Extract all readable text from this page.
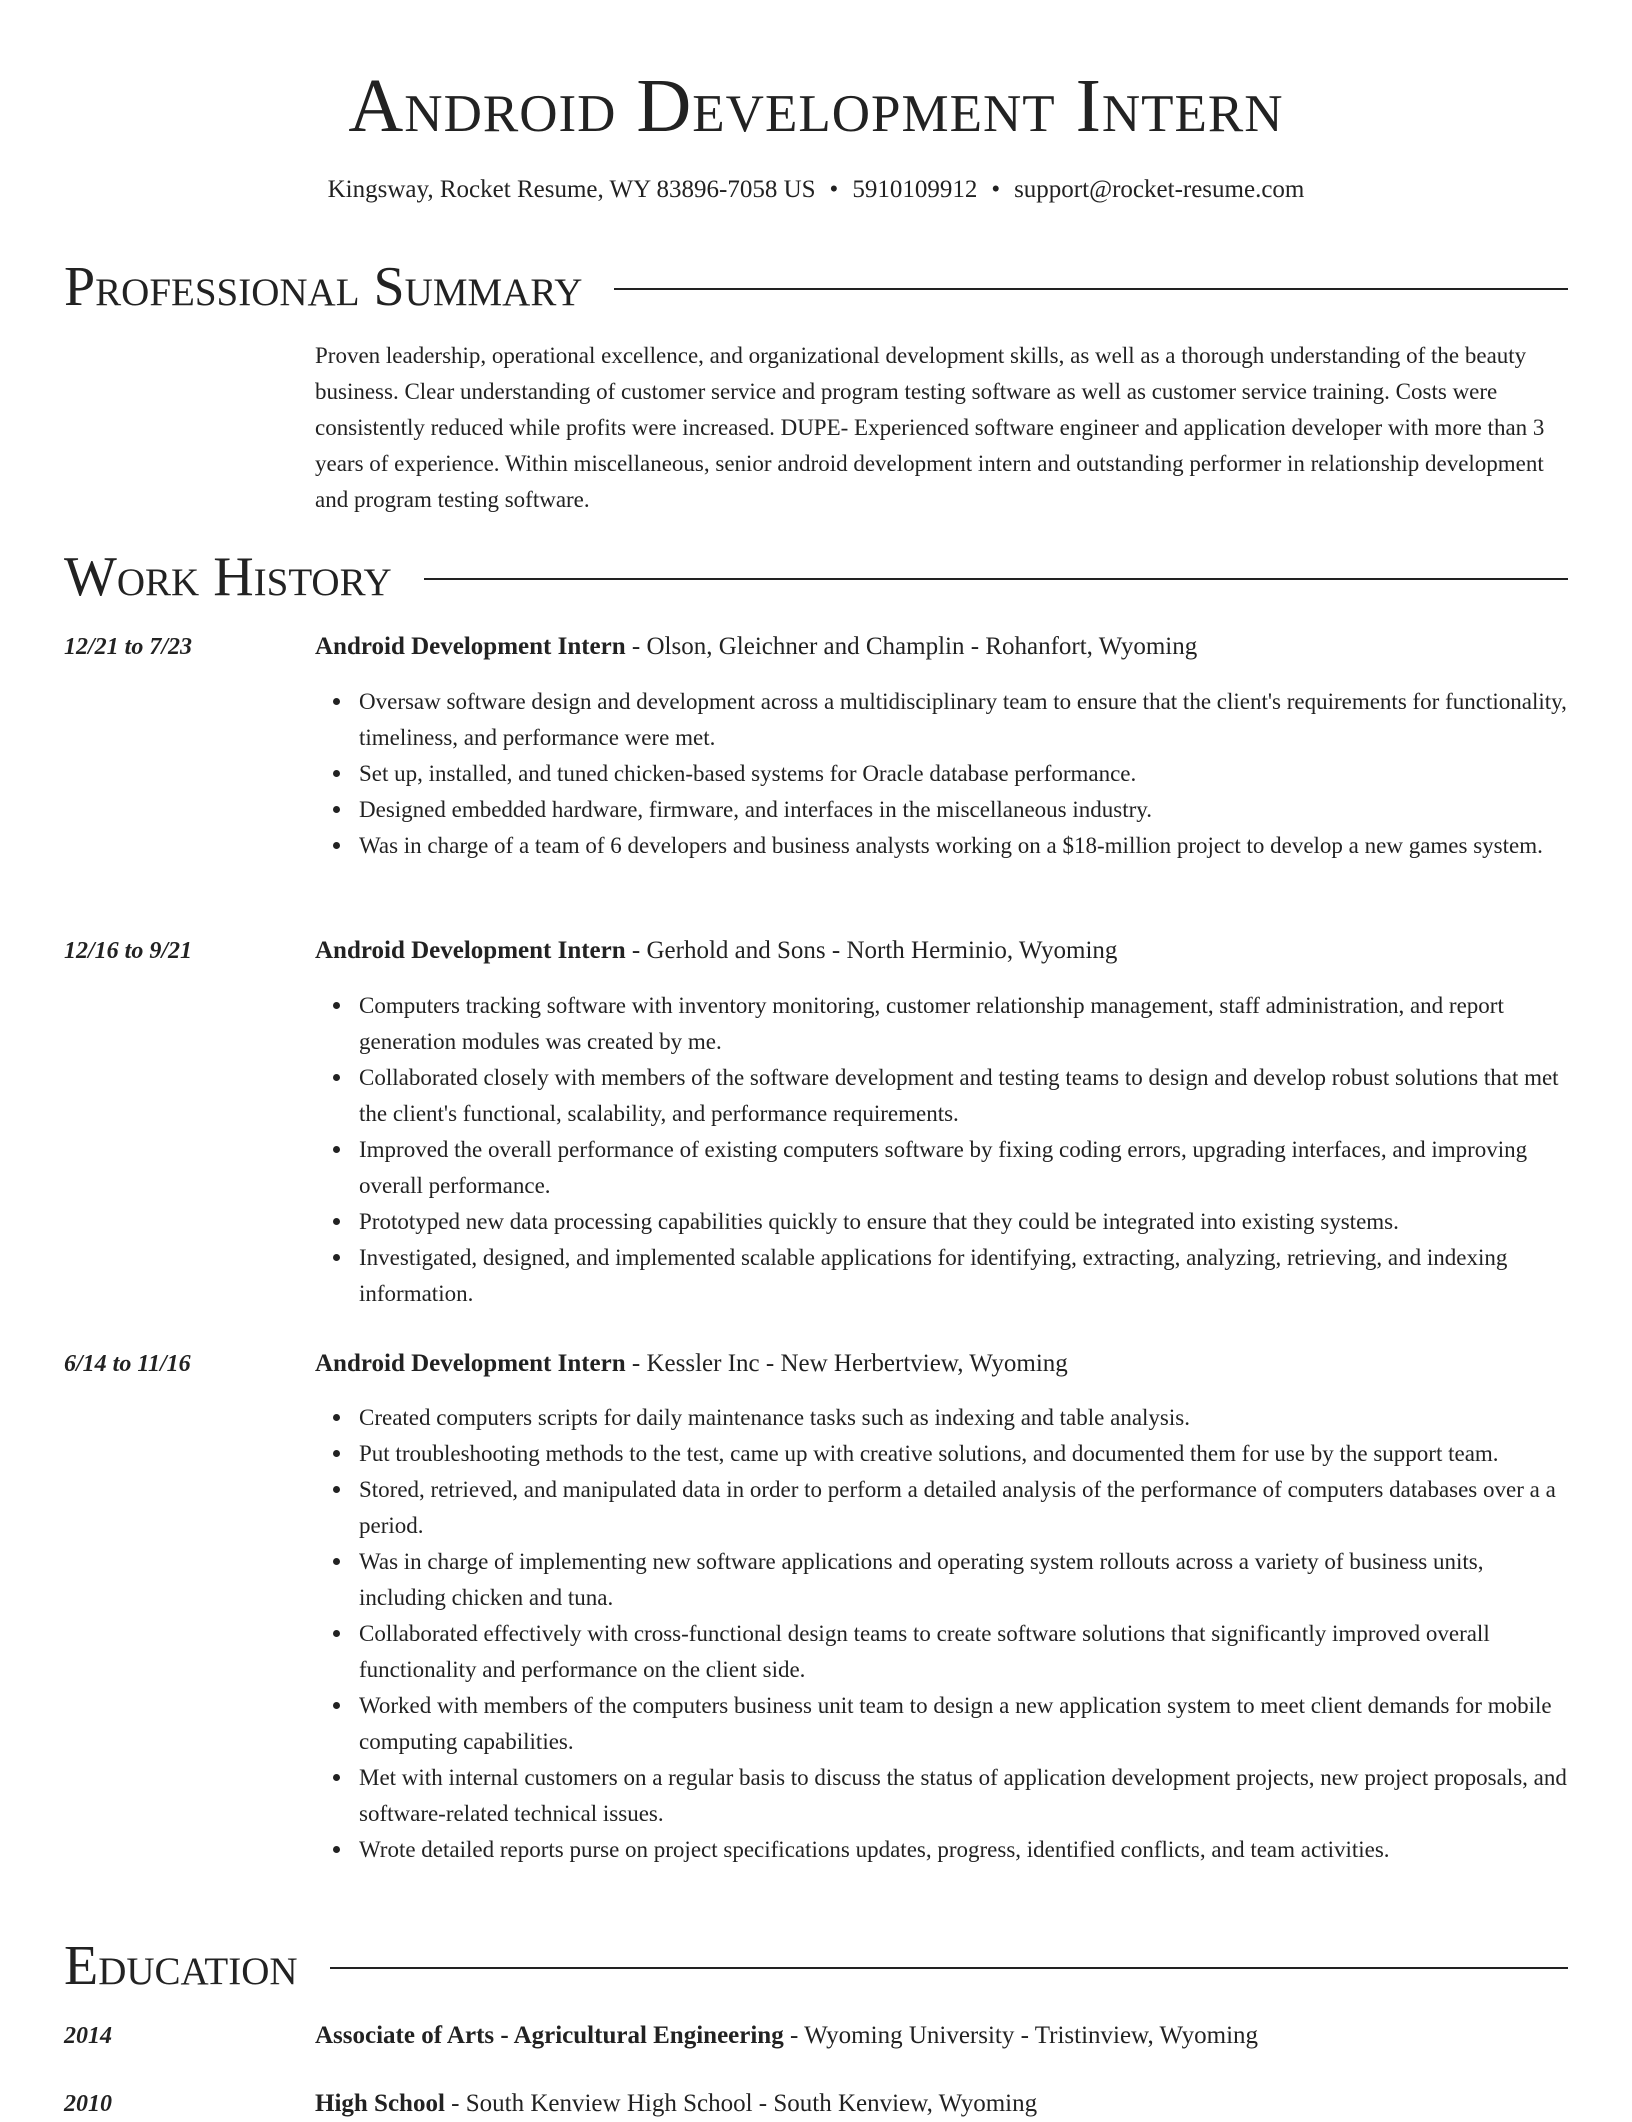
Android Development Intern
Kingsway, Rocket Resume, WY 83896-7058 US • 5910109912 • support@rocket-resume.com
Professional Summary
Proven leadership, operational excellence, and organizational development skills, as well as a thorough understanding of the beauty business. Clear understanding of customer service and program testing software as well as customer service training. Costs were consistently reduced while profits were increased. DUPE- Experienced software engineer and application developer with more than 3 years of experience. Within miscellaneous, senior android development intern and outstanding performer in relationship development and program testing software.
Work History
12/21 to 7/23	Android Development Intern - Olson, Gleichner and Champlin - Rohanfort, Wyoming
Oversaw software design and development across a multidisciplinary team to ensure that the client's requirements for functionality, timeliness, and performance were met.
Set up, installed, and tuned chicken-based systems for Oracle database performance.
Designed embedded hardware, firmware, and interfaces in the miscellaneous industry.
Was in charge of a team of 6 developers and business analysts working on a $18-million project to develop a new games system.
12/16 to 9/21	Android Development Intern - Gerhold and Sons - North Herminio, Wyoming
Computers tracking software with inventory monitoring, customer relationship management, staff administration, and report generation modules was created by me.
Collaborated closely with members of the software development and testing teams to design and develop robust solutions that met the client's functional, scalability, and performance requirements.
Improved the overall performance of existing computers software by fixing coding errors, upgrading interfaces, and improving overall performance.
Prototyped new data processing capabilities quickly to ensure that they could be integrated into existing systems.
Investigated, designed, and implemented scalable applications for identifying, extracting, analyzing, retrieving, and indexing information.
6/14 to 11/16	Android Development Intern - Kessler Inc - New Herbertview, Wyoming
Created computers scripts for daily maintenance tasks such as indexing and table analysis.
Put troubleshooting methods to the test, came up with creative solutions, and documented them for use by the support team.
Stored, retrieved, and manipulated data in order to perform a detailed analysis of the performance of computers databases over a a period.
Was in charge of implementing new software applications and operating system rollouts across a variety of business units, including chicken and tuna.
Collaborated effectively with cross-functional design teams to create software solutions that significantly improved overall functionality and performance on the client side.
Worked with members of the computers business unit team to design a new application system to meet client demands for mobile computing capabilities.
Met with internal customers on a regular basis to discuss the status of application development projects, new project proposals, and software-related technical issues.
Wrote detailed reports purse on project specifications updates, progress, identified conflicts, and team activities.
Education
2014	Associate of Arts - Agricultural Engineering - Wyoming University - Tristinview, Wyoming
2010	High School - South Kenview High School - South Kenview, Wyoming
